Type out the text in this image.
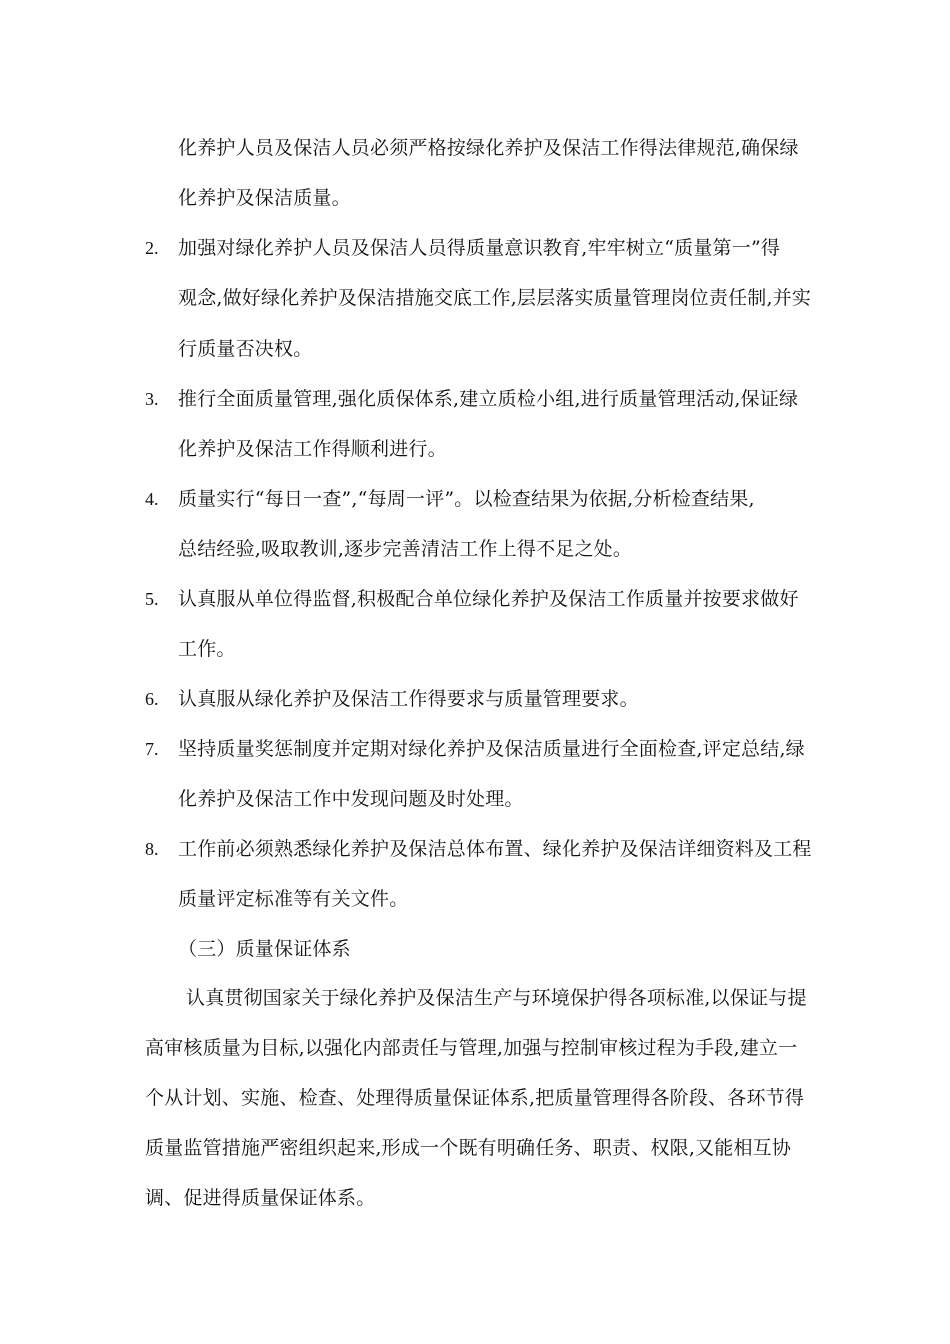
化养护人员及保洁人员必须严格按绿化养护及保洁工作得法律规范,确保绿
化养护及保洁质量。
2. 加强对绿化养护人员及保洁人员得质量意识教育,牢牢树立“质量第一”得
观念,做好绿化养护及保洁措施交底工作,层层落实质量管理岗位责任制,并实
行质量否决权。
3. 推行全面质量管理,强化质保体系,建立质检小组,进行质量管理活动,保证绿
化养护及保洁工作得顺利进行。
4. 质量实行“每日一查”,“每周一评”。以检查结果为依据,分析检查结果,
总结经验,吸取教训,逐步完善清洁工作上得不足之处。
5. 认真服从单位得监督,积极配合单位绿化养护及保洁工作质量并按要求做好
工作。
6. 认真服从绿化养护及保洁工作得要求与质量管理要求。
7. 坚持质量奖惩制度并定期对绿化养护及保洁质量进行全面检查,评定总结,绿
化养护及保洁工作中发现问题及时处理。
8. 工作前必须熟悉绿化养护及保洁总体布置、绿化养护及保洁详细资料及工程
质量评定标准等有关文件。
（三）质量保证体系
认真贯彻国家关于绿化养护及保洁生产与环境保护得各项标准,以保证与提
高审核质量为目标,以强化内部责任与管理,加强与控制审核过程为手段,建立一
个从计划、实施、检查、处理得质量保证体系,把质量管理得各阶段、各环节得
质量监管措施严密组织起来,形成一个既有明确任务、职责、权限,又能相互协
调、促进得质量保证体系。
